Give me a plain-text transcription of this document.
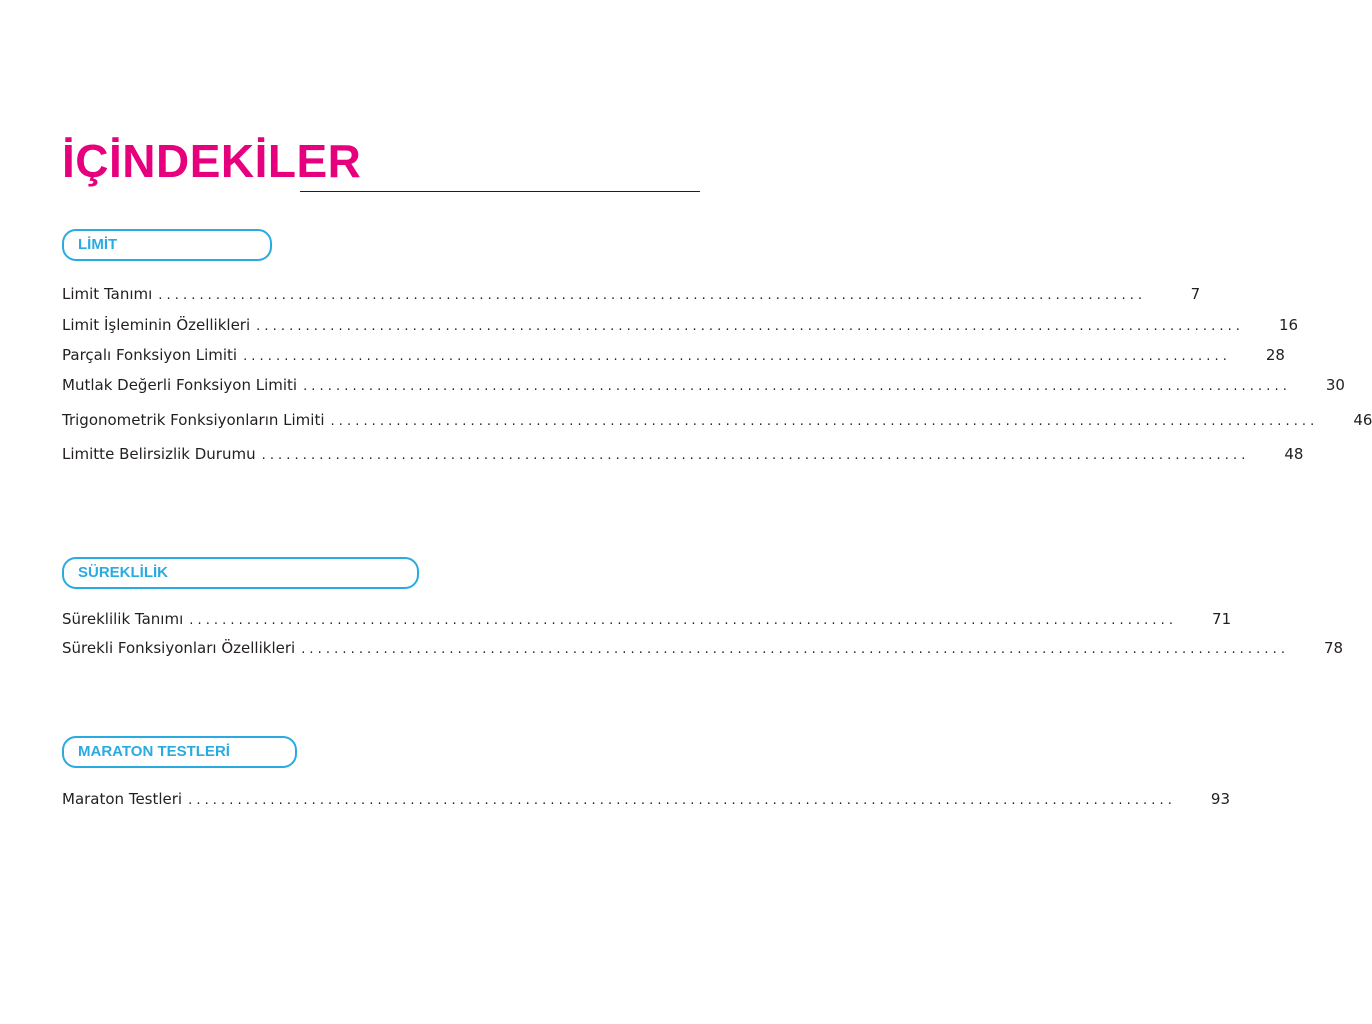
İÇİNDEKİLER
LİMİT
Limit Tanımı ........................................................................................................................	7
Limit İşleminin Özellikleri ........................................................................................................................	16
Parçalı Fonksiyon Limiti ........................................................................................................................	28
Mutlak Değerli Fonksiyon Limiti ........................................................................................................................	30
Trigonometrik Fonksiyonların Limiti ........................................................................................................................	46
Limitte Belirsizlik Durumu ........................................................................................................................	48
SÜREKLİLİK
Süreklilik Tanımı ........................................................................................................................	71
Sürekli Fonksiyonları Özellikleri ........................................................................................................................	78
MARATON TESTLERİ
Maraton Testleri ........................................................................................................................	93
